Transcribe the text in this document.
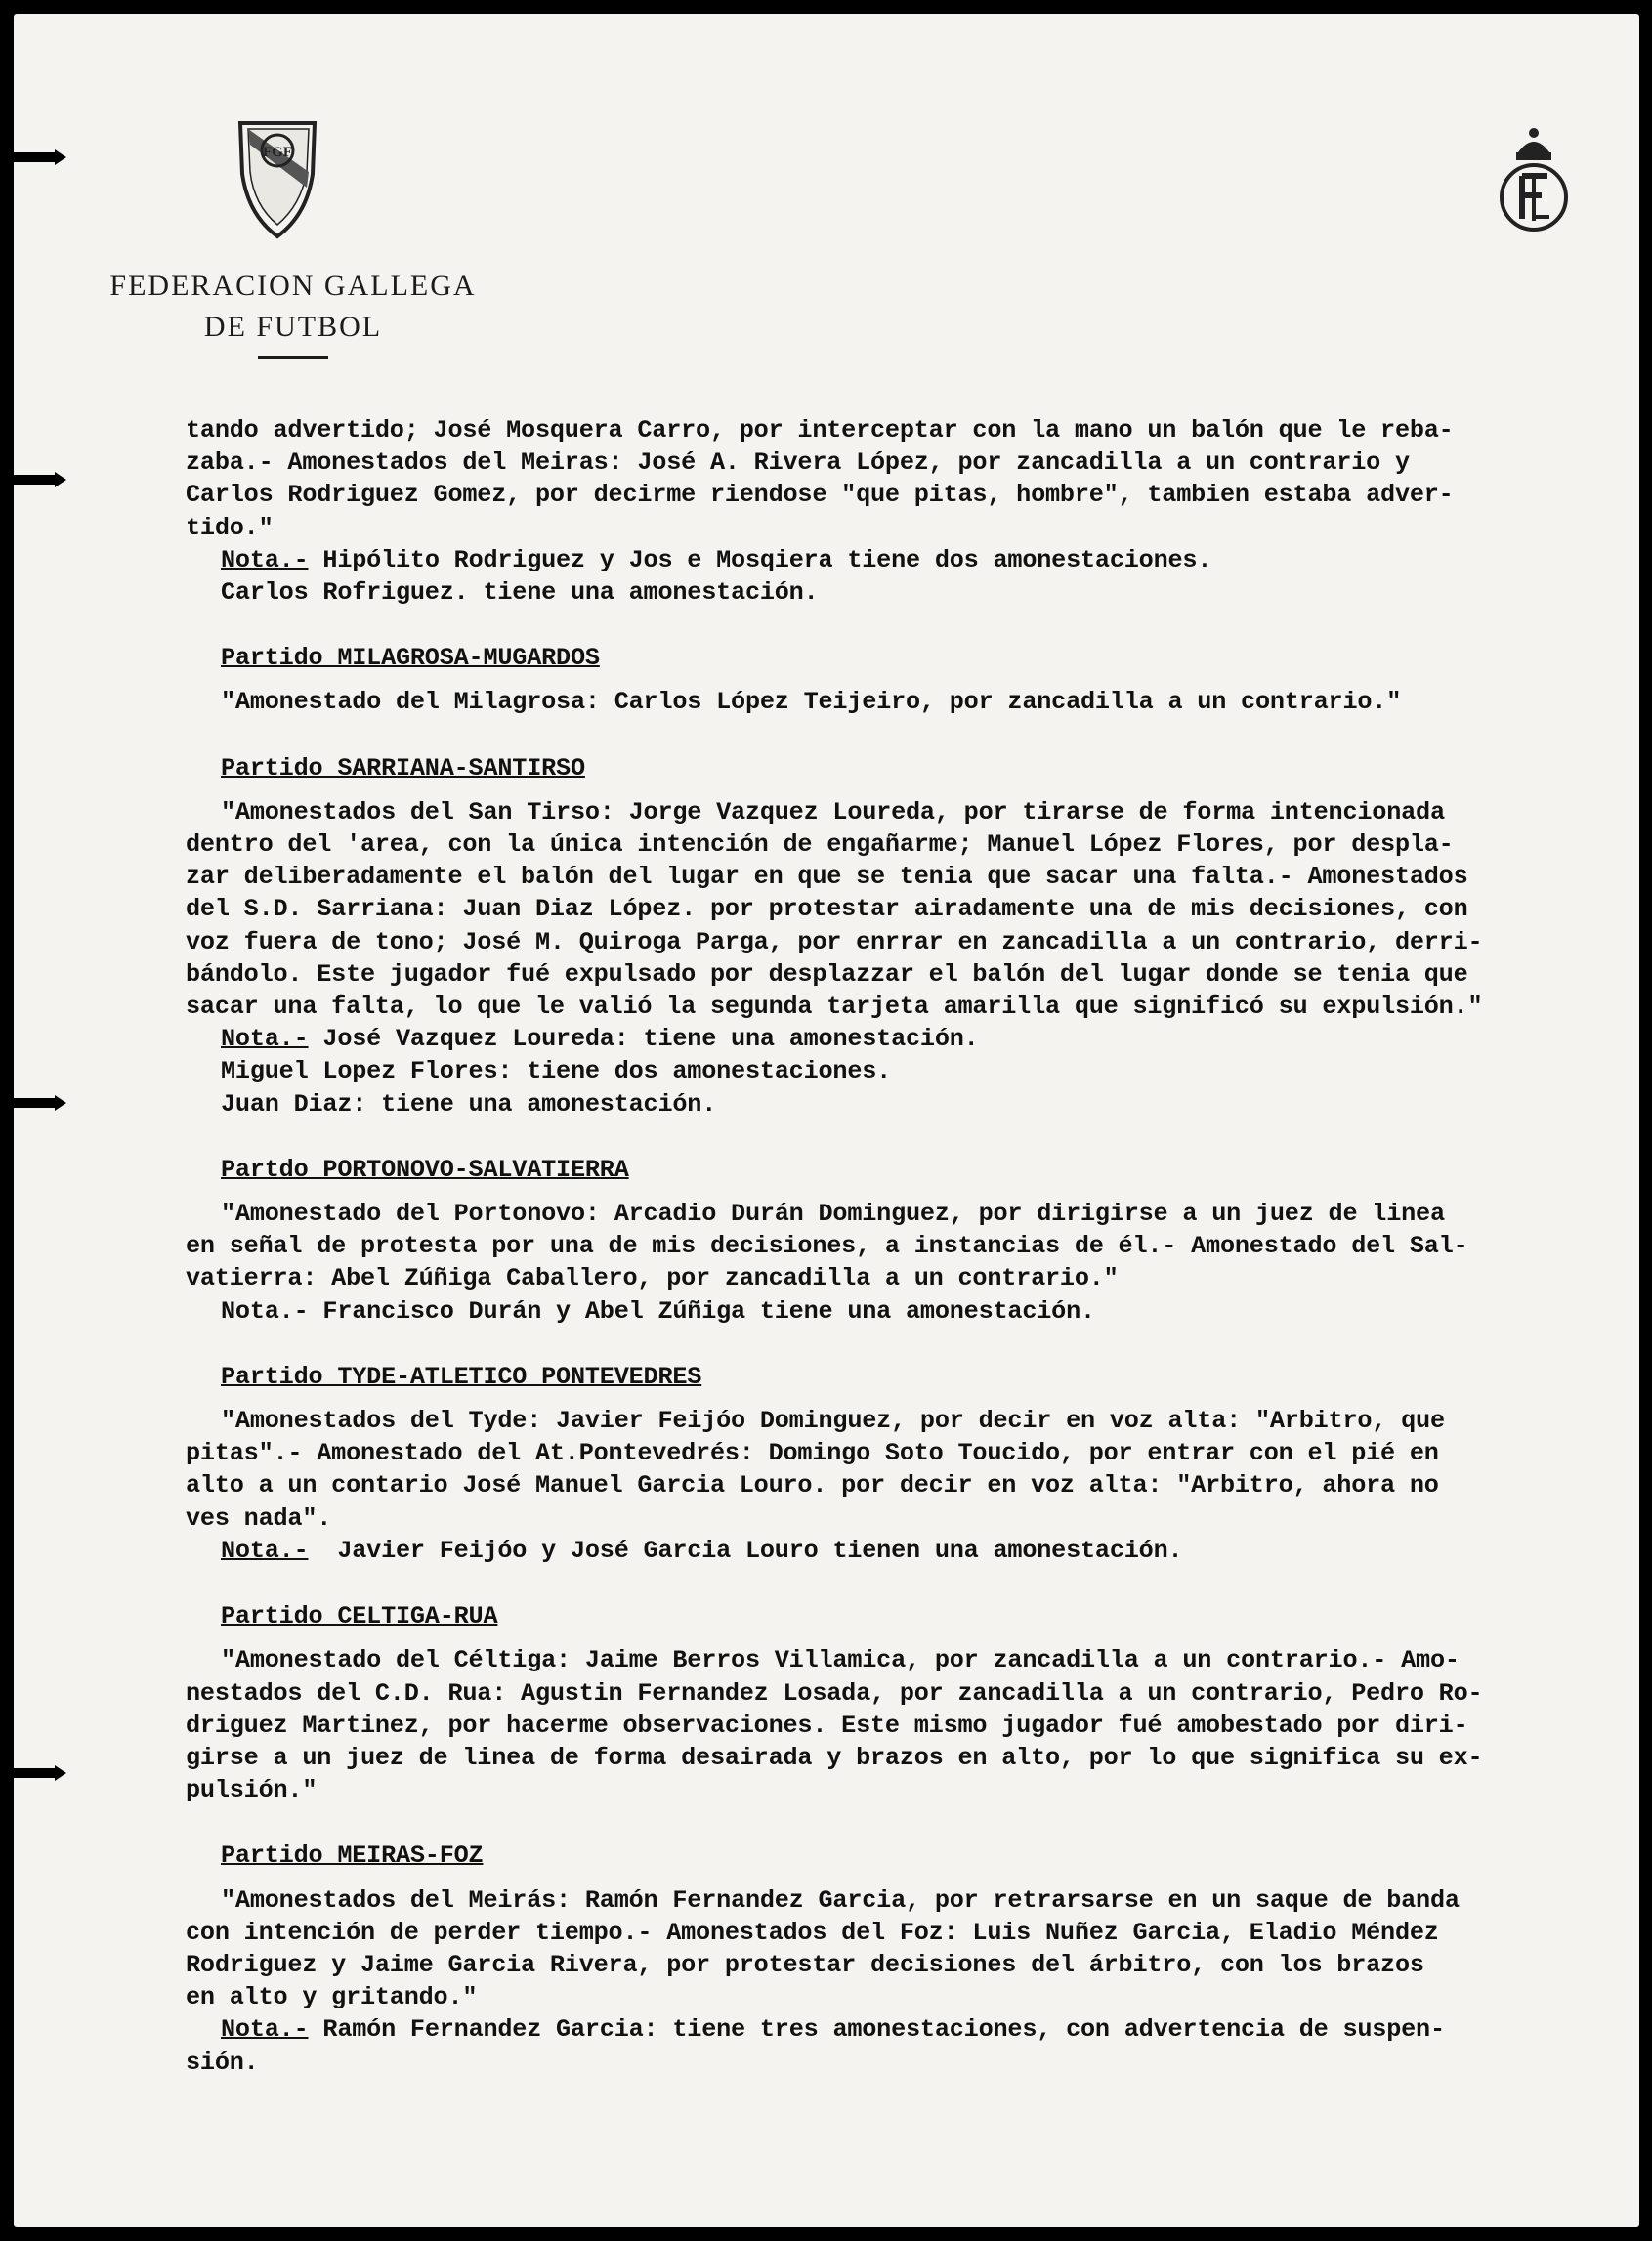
FGF
FEDERACION GALLEGA
DE FUTBOL

tando advertido; José Mosquera Carro, por interceptar con la mano un balón que le reba-

zaba.- Amonestados del Meiras: José A. Rivera López, por zancadilla a un contrario y

Carlos Rodriguez Gomez, por decirme riendose "que pitas, hombre", tambien estaba adver-

tido."

Nota.- Hipólito Rodriguez y Jos e Mosqiera tiene dos amonestaciones.

Carlos Rofriguez. tiene una amonestación.

Partido MILAGROSA-MUGARDOS

"Amonestado del Milagrosa: Carlos López Teijeiro, por zancadilla a un contrario."

Partido SARRIANA-SANTIRSO

"Amonestados del San Tirso: Jorge Vazquez Loureda, por tirarse de forma intencionada

dentro del 'area, con la única intención de engañarme; Manuel López Flores, por despla-

zar deliberadamente el balón del lugar en que se tenia que sacar una falta.- Amonestados

del S.D. Sarriana: Juan Diaz López. por protestar airadamente una de mis decisiones, con

voz fuera de tono; José M. Quiroga Parga, por enrrar en zancadilla a un contrario, derri-

bándolo. Este jugador fué expulsado por desplazzar el balón del lugar donde se tenia que

sacar una falta, lo que le valió la segunda tarjeta amarilla que significó su expulsión."

Nota.- José Vazquez Loureda: tiene una amonestación.

Miguel Lopez Flores: tiene dos amonestaciones.

Juan Diaz: tiene una amonestación.

Partdo PORTONOVO-SALVATIERRA

"Amonestado del Portonovo: Arcadio Durán Dominguez, por dirigirse a un juez de linea

en señal de protesta por una de mis decisiones, a instancias de él.- Amonestado del Sal-

vatierra: Abel Zúñiga Caballero, por zancadilla a un contrario."

Nota.- Francisco Durán y Abel Zúñiga tiene una amonestación.

Partido TYDE-ATLETICO PONTEVEDRES

"Amonestados del Tyde: Javier Feijóo Dominguez, por decir en voz alta: "Arbitro, que

pitas".- Amonestado del At.Pontevedrés: Domingo Soto Toucido, por entrar con el pié en

alto a un contario José Manuel Garcia Louro. por decir en voz alta: "Arbitro, ahora no

ves nada".

Nota.-  Javier Feijóo y José Garcia Louro tienen una amonestación.

Partido CELTIGA-RUA

"Amonestado del Céltiga: Jaime Berros Villamica, por zancadilla a un contrario.- Amo-

nestados del C.D. Rua: Agustin Fernandez Losada, por zancadilla a un contrario, Pedro Ro-

driguez Martinez, por hacerme observaciones. Este mismo jugador fué amobestado por diri-

girse a un juez de linea de forma desairada y brazos en alto, por lo que significa su ex-

pulsión."

Partido MEIRAS-FOZ

"Amonestados del Meirás: Ramón Fernandez Garcia, por retrarsarse en un saque de banda

con intención de perder tiempo.- Amonestados del Foz: Luis Nuñez Garcia, Eladio Méndez

Rodriguez y Jaime Garcia Rivera, por protestar decisiones del árbitro, con los brazos

en alto y gritando."

Nota.- Ramón Fernandez Garcia: tiene tres amonestaciones, con advertencia de suspen-

sión.
